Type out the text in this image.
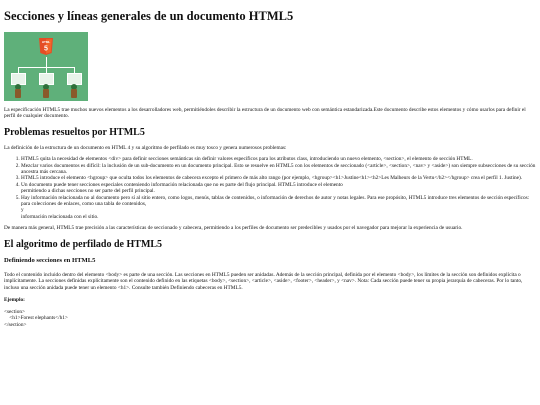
Secciones y líneas generales de un documento HTML5
HTML
5

La especificación HTML5 trae muchos nuevos elementos a los desarrolladores web, permitiéndoles describir la estructura de un documento web con semántica estandarizada.Este documento describe estos elementos y cómo usarlos para definir el perfil de cualquier documento.

Problemas resueltos por HTML5

La definición de la estructura de un documento en HTML 4 y su algoritmo de perfilado es muy tosco y genera numerosos problemas:

1. HTML5 quita la necesidad de elementos <div> para definir secciones semánticas sin definir valores específicos para los atributos class, introduciendo un nuevo elemento, <section>, el elemento de sección HTML.
2. Mezclar varios documentos es difícil: la inclusión de un sub-documento en un documento principal. Esto se resuelve en HTML5 con los elementos de seccionado (<article>, <section>, <nav> y <aside>) son siempre subsecciones de su sección ancestra más cercana.
3. HTML5 introduce el elemento <hgroup> que oculta todos los elementos de cabecera excepto el primero de más alto rango (por ejemplo, <hgroup><h1>Justine<h1><h2>Les Malheurs de la Vertu</h2></hgroup> crea el perfil 1. Justine).
4. Un documento puede tener secciones especiales conteniendo información relacionada que no es parte del flujo principal. HTML5 introduce el elemento
permitiendo a dichas secciones no ser parte del perfil principal.
5. Hay información relacionada no al documento pero sí al sitio entero, como logos, menús, tablas de contenidos, o información de derechos de autor y notas legales. Para ese propósito, HTML5 introduce tres elementos de sección específicos:
para colecciones de enlaces, como una tabla de contenidos,
y
información relacionada con el sitio.

De manera más general, HTML5 trae precisión a las características de seccionado y cabecera, permitiendo a los perfiles de documento ser predecibles y usados por el navegador para mejorar la experiencia de usuario.

El algoritmo de perfilado de HTML5
Definiendo secciones en HTML5

Todo el contenido incluido dentro del elemento <body> es parte de una sección. Las secciones en HTML5 pueden ser anidadas. Además de la sección principal, definida por el elemento <body>, los límites de la sección son definidos explícita o implícitamente. La secciones definidas explícitamente son el contenido definido en las etiquetas <body>, <section>, <article>, <aside>, <footer>, <header>, y <nav>. Nota: Cada sección puede tener su propia jerarquía de cabeceras. Por lo tanto, incluso una sección anidada puede tener un elemento <h1>. Consulte también Definiendo cabeceras en HTML5.

Ejemplo:
<section>
<h1>Forest elephants</h1>
</section>
